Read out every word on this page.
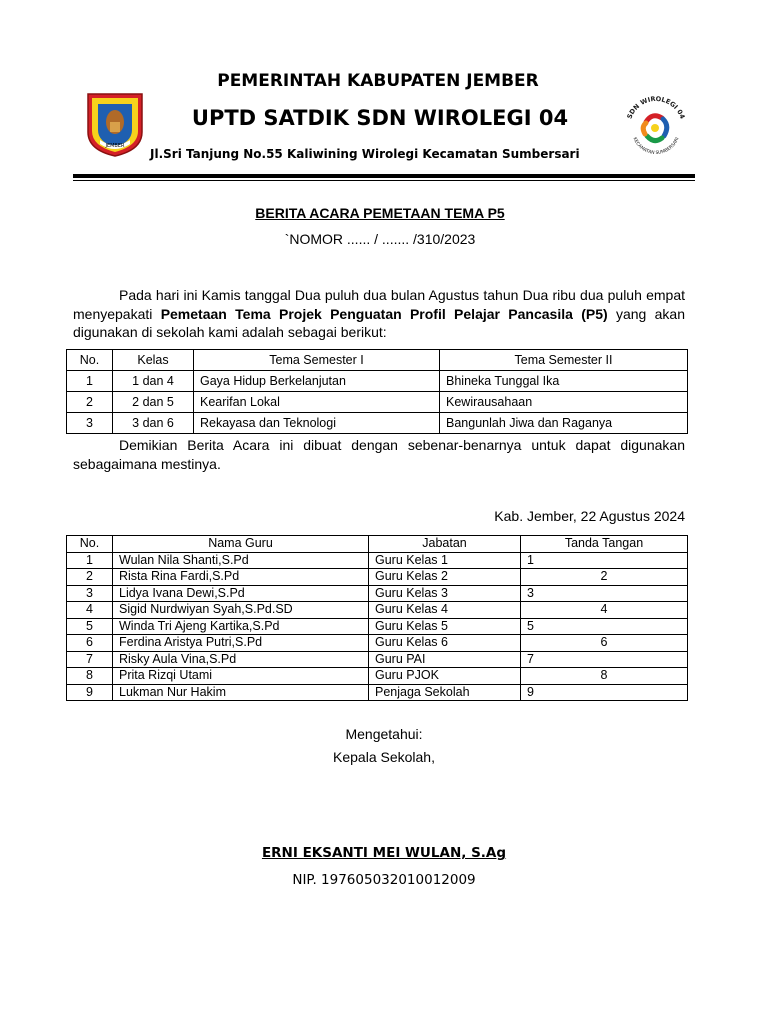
JEMBER
SDN WIROLEGI 04
KECAMATAN SUMBERSARI
PEMERINTAH KABUPATEN JEMBER
UPTD SATDIK SDN WIROLEGI 04
Jl.Sri Tanjung No.55 Kaliwining Wirolegi Kecamatan Sumbersari
BERITA ACARA PEMETAAN TEMA P5
`NOMOR ...... / ....... /310/2023
Pada hari ini Kamis tanggal Dua puluh dua bulan Agustus tahun Dua ribu dua puluh empat menyepakati Pemetaan Tema Projek Penguatan Profil Pelajar Pancasila (P5) yang akan digunakan di sekolah kami adalah sebagai berikut:
No.	Kelas	Tema Semester I	Tema Semester II
1	1 dan 4	Gaya Hidup Berkelanjutan	Bhineka Tunggal Ika
2	2 dan 5	Kearifan Lokal	Kewirausahaan
3	3 dan 6	Rekayasa dan Teknologi	Bangunlah Jiwa dan Raganya
Demikian Berita Acara ini dibuat dengan sebenar-benarnya untuk dapat digunakan sebagaimana mestinya.
Kab. Jember, 22 Agustus 2024
No.	Nama Guru	Jabatan	Tanda Tangan
1	Wulan Nila Shanti,S.Pd	Guru Kelas 1	1
2	Rista Rina Fardi,S.Pd	Guru Kelas 2	2
3	Lidya Ivana Dewi,S.Pd	Guru Kelas 3	3
4	Sigid Nurdwiyan Syah,S.Pd.SD	Guru Kelas 4	4
5	Winda Tri Ajeng Kartika,S.Pd	Guru Kelas 5	5
6	Ferdina Aristya Putri,S.Pd	Guru Kelas 6	6
7	Risky Aula Vina,S.Pd	Guru PAI	7
8	Prita Rizqi Utami	Guru PJOK	8
9	Lukman Nur Hakim	Penjaga Sekolah	9
Mengetahui:
Kepala Sekolah,
ERNI EKSANTI MEI WULAN, S.Ag
NIP. 197605032010012009
